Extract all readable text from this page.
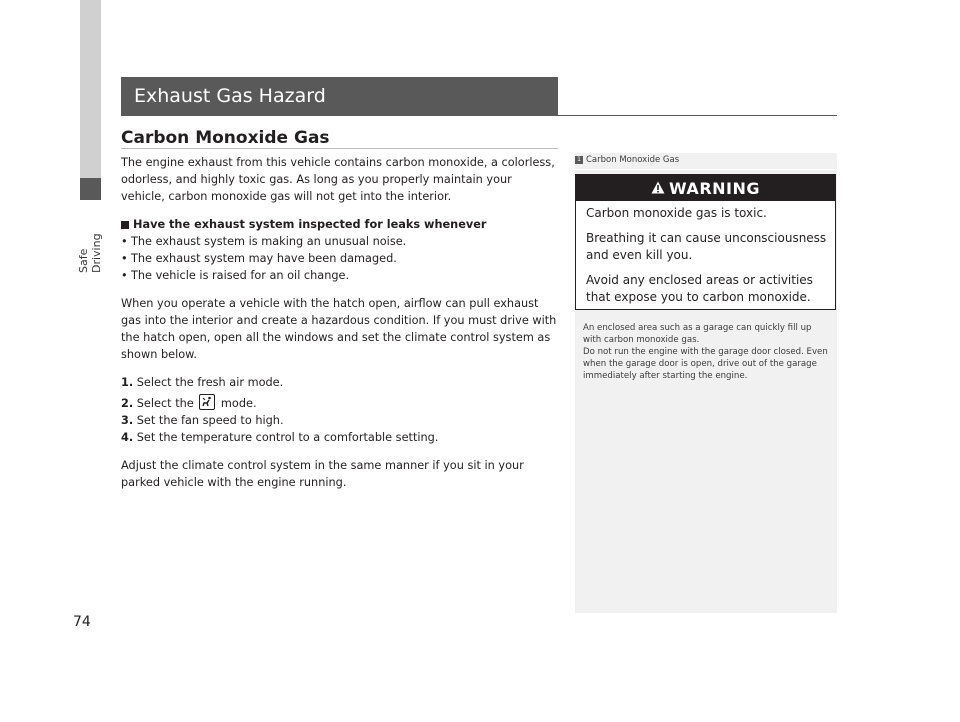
Safe Driving
74
Exhaust Gas Hazard
Carbon Monoxide Gas

The engine exhaust from this vehicle contains carbon monoxide, a colorless, odorless, and highly toxic gas. As long as you properly maintain your vehicle, carbon monoxide gas will not get into the interior.

Have the exhaust system inspected for leaks whenever

• The exhaust system is making an unusual noise.

• The exhaust system may have been damaged.

• The vehicle is raised for an oil change.

When you operate a vehicle with the hatch open, airflow can pull exhaust gas into the interior and create a hazardous condition. If you must drive with the hatch open, open all the windows and set the climate control system as shown below.

1. Select the fresh air mode.

2. Select the mode.

3. Set the fan speed to high.

4. Set the temperature control to a comfortable setting.

Adjust the climate control system in the same manner if you sit in your parked vehicle with the engine running.

1 Carbon Monoxide Gas
WARNING

Carbon monoxide gas is toxic.

Breathing it can cause unconsciousness and even kill you.

Avoid any enclosed areas or activities that expose you to carbon monoxide.

An enclosed area such as a garage can quickly fill up with carbon monoxide gas.

Do not run the engine with the garage door closed. Even when the garage door is open, drive out of the garage immediately after starting the engine.
